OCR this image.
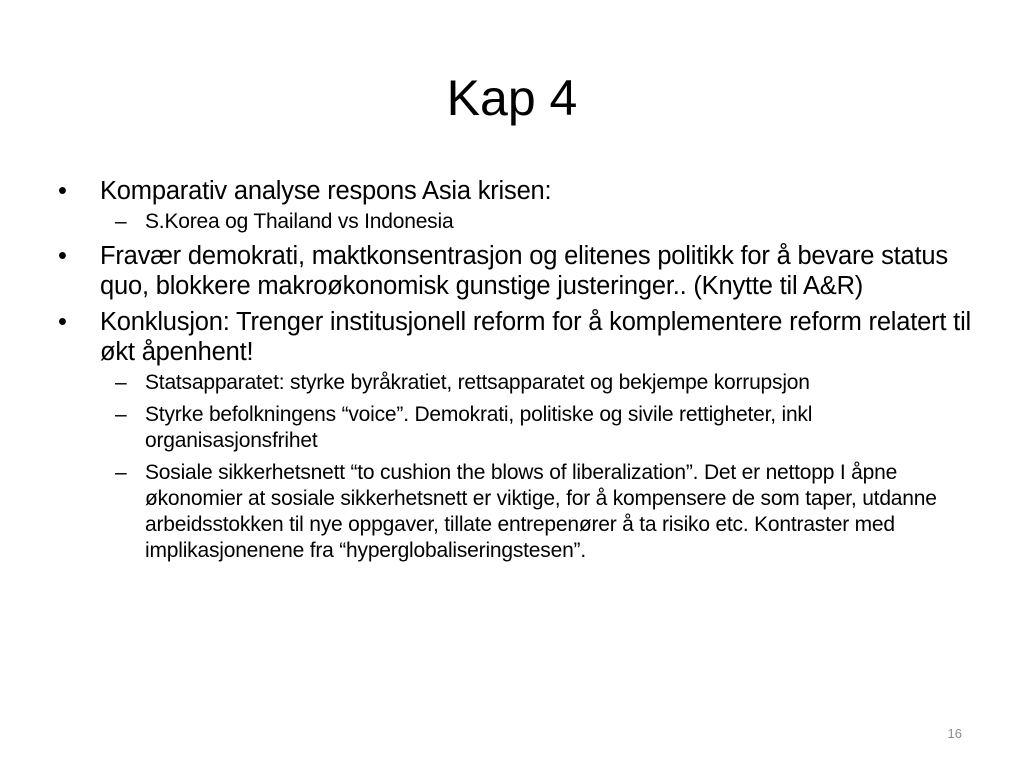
Kap 4
•	Komparativ analyse respons Asia krisen:
– S.Korea og Thailand vs Indonesia
•	Fravær demokrati, maktkonsentrasjon og elitenes politikk for å bevare status quo, blokkere makroøkonomisk gunstige justeringer.. (Knytte til A&R)
•	Konklusjon: Trenger institusjonell reform for å komplementere reform relatert til økt åpenhent!
– Statsapparatet: styrke byråkratiet, rettsapparatet og bekjempe korrupsjon
– Styrke befolkningens “voice”. Demokrati, politiske og sivile rettigheter, inkl organisasjonsfrihet
– Sosiale sikkerhetsnett “to cushion the blows of liberalization”. Det er nettopp I åpne økonomier at sosiale sikkerhetsnett er viktige, for å kompensere de som taper, utdanne arbeidsstokken til nye oppgaver, tillate entrepenører å ta risiko etc. Kontraster med implikasjonenene fra “hyperglobaliseringstesen”.
16
